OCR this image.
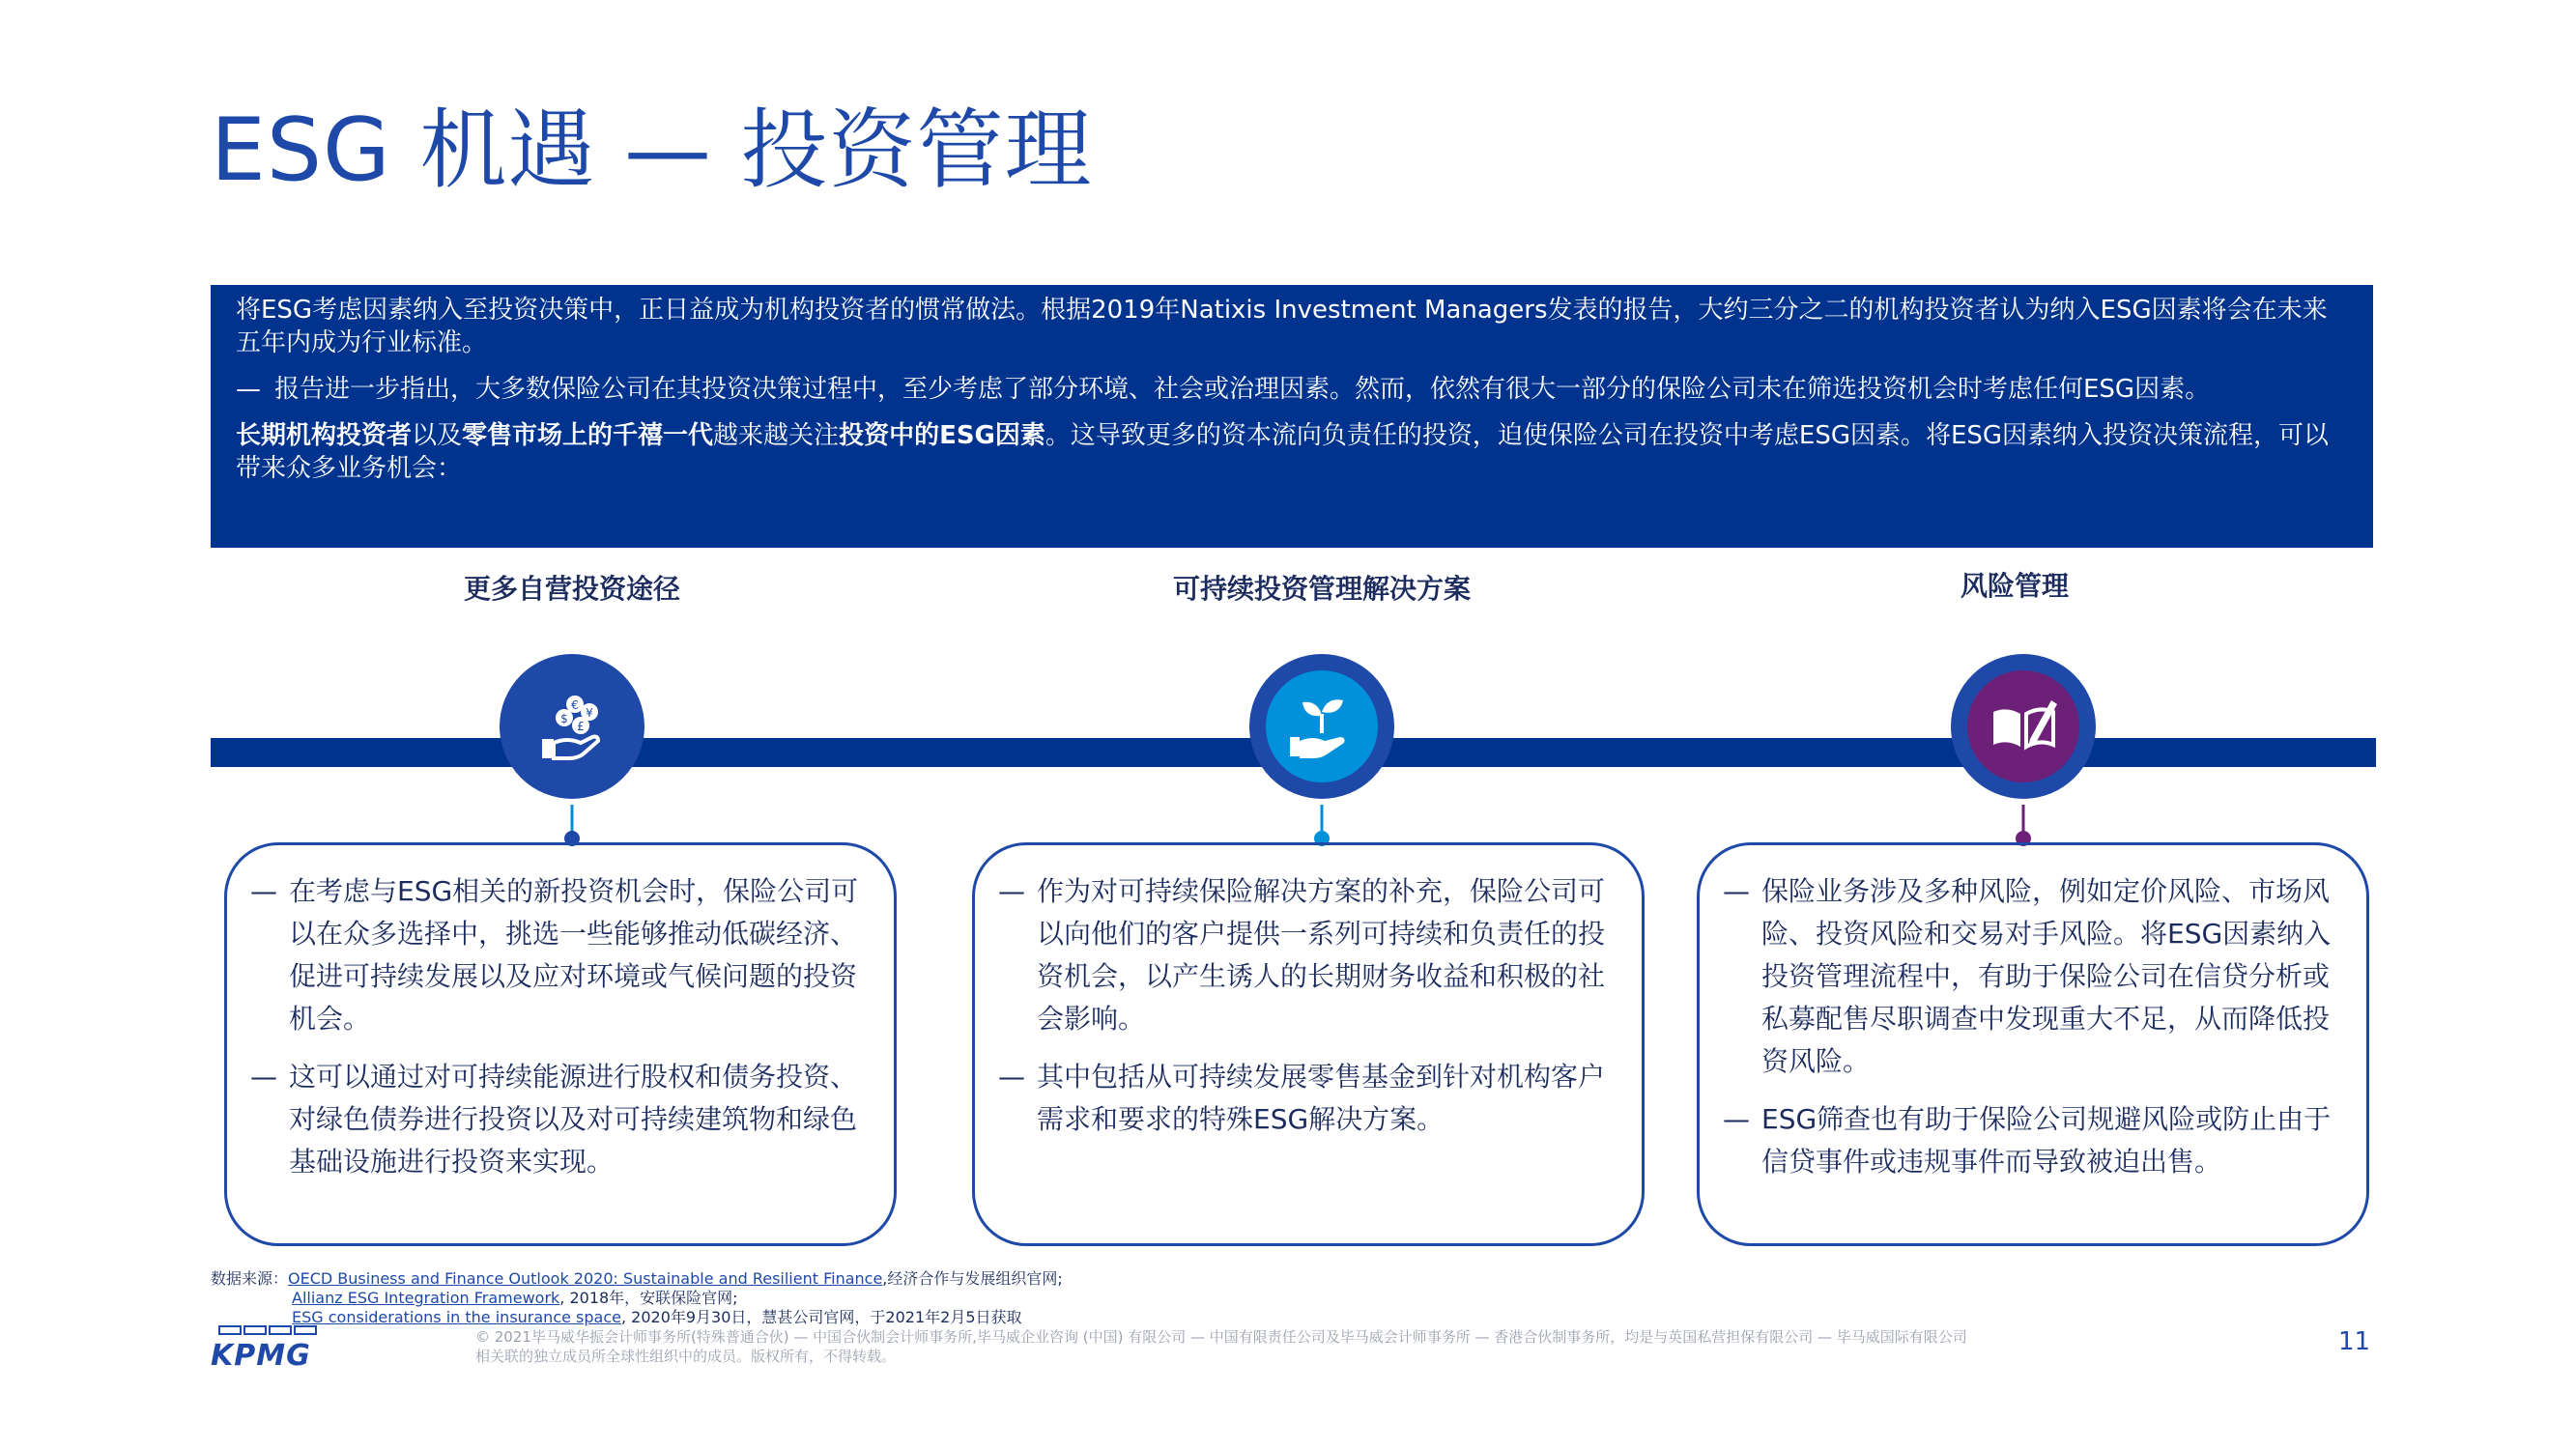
ESG 机遇 — 投资管理

将ESG考虑因素纳入至投资决策中，正日益成为机构投资者的惯常做法。根据2019年Natixis Investment Managers发表的报告，大约三分之二的机构投资者认为纳入ESG因素将会在未来五年内成为行业标准。

— 报告进一步指出，大多数保险公司在其投资决策过程中，至少考虑了部分环境、社会或治理因素。然而，依然有很大一部分的保险公司未在筛选投资机会时考虑任何ESG因素。

长期机构投资者以及零售市场上的千禧一代越来越关注投资中的ESG因素。这导致更多的资本流向负责任的投资，迫使保险公司在投资中考虑ESG因素。将ESG因素纳入投资决策流程，可以带来众多业务机会：

更多自营投资途径	可持续投资管理解决方案	风险管理
€
¥
$
£
— 在考虑与ESG相关的新投资机会时，保险公司可以在众多选择中，挑选一些能够推动低碳经济、促进可持续发展以及应对环境或气候问题的投资机会。
— 这可以通过对可持续能源进行股权和债务投资、对绿色债券进行投资以及对可持续建筑物和绿色基础设施进行投资来实现。
— 作为对可持续保险解决方案的补充，保险公司可以向他们的客户提供一系列可持续和负责任的投资机会，以产生诱人的长期财务收益和积极的社会影响。
— 其中包括从可持续发展零售基金到针对机构客户需求和要求的特殊ESG解决方案。
— 保险业务涉及多种风险，例如定价风险、市场风险、投资风险和交易对手风险。将ESG因素纳入投资管理流程中，有助于保险公司在信贷分析或私募配售尽职调查中发现重大不足，从而降低投资风险。
— ESG筛查也有助于保险公司规避风险或防止由于信贷事件或违规事件而导致被迫出售。
数据来源：OECD Business and Finance Outlook 2020: Sustainable and Resilient Finance,经济合作与发展组织官网;
Allianz ESG Integration Framework, 2018年，安联保险官网;
ESG considerations in the insurance space, 2020年9月30日，慧甚公司官网，于2021年2月5日获取
KPMG
© 2021毕马威华振会计师事务所(特殊普通合伙) — 中国合伙制会计师事务所,毕马威企业咨询 (中国) 有限公司 — 中国有限责任公司及毕马威会计师事务所 — 香港合伙制事务所，均是与英国私营担保有限公司 — 毕马威国际有限公司
相关联的独立成员所全球性组织中的成员。版权所有，不得转载。	11
